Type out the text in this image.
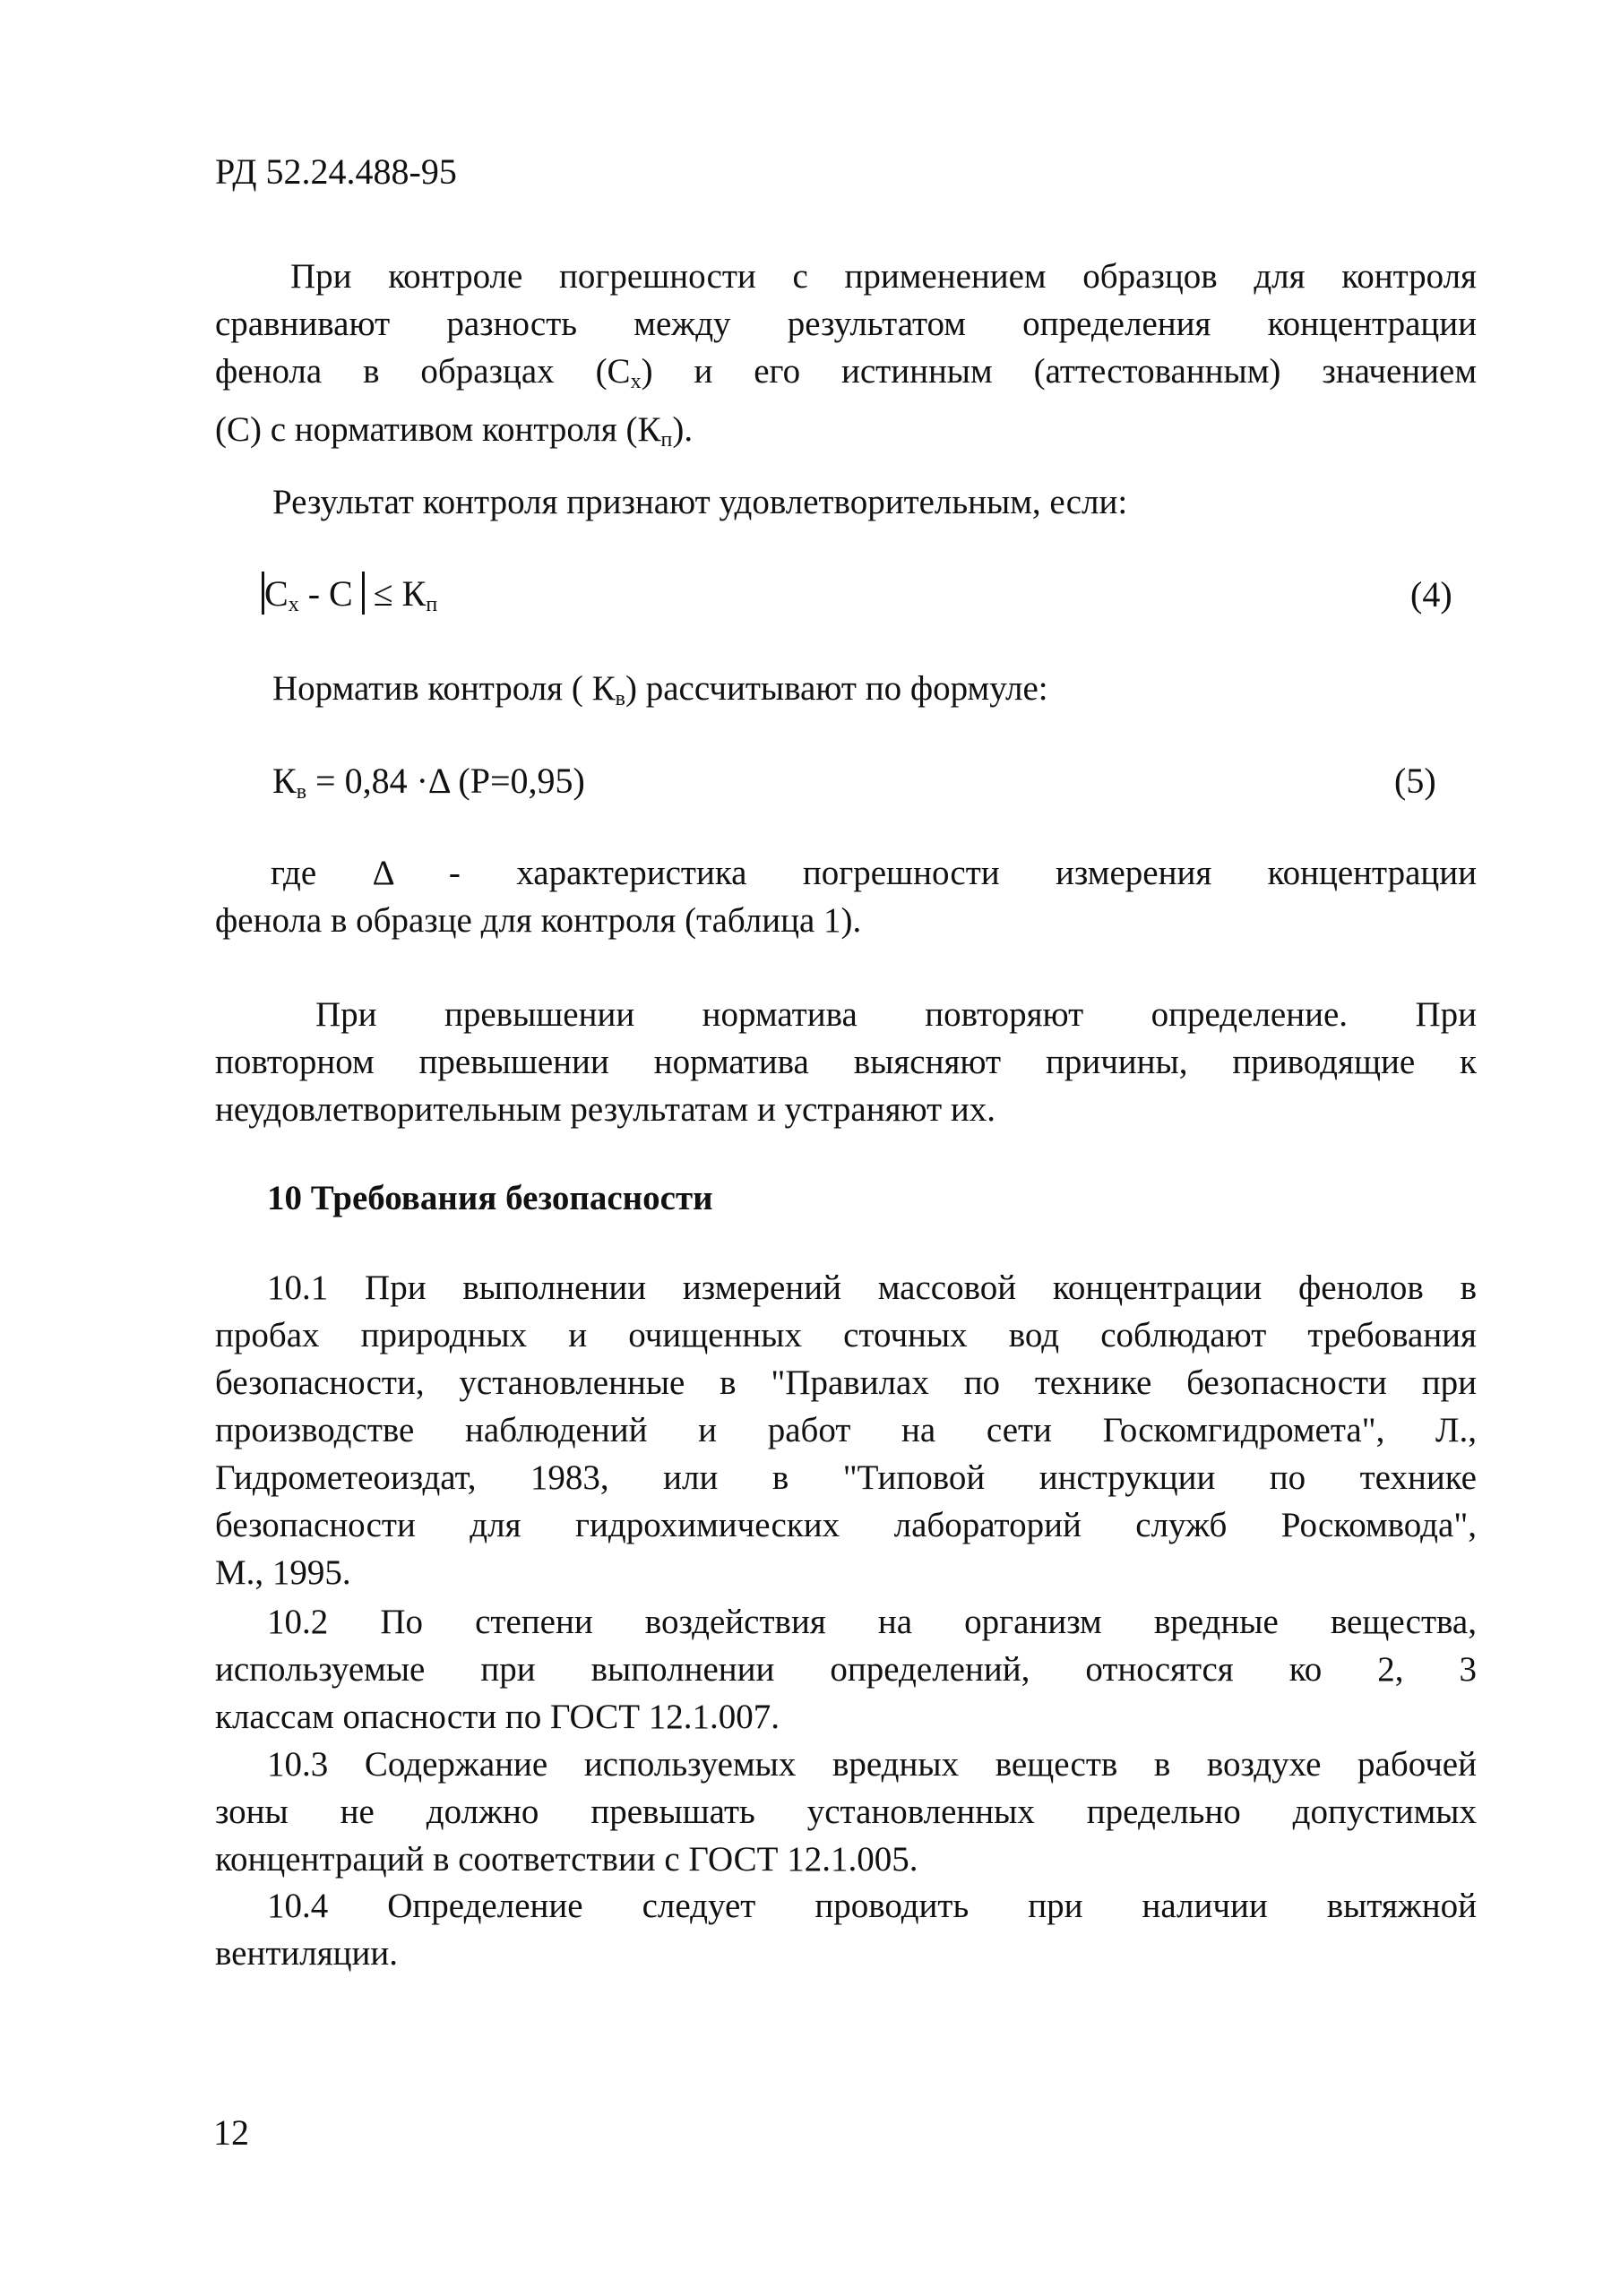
РД 52.24.488-95
При контроле погрешности с применением образцов для контроля
сравнивают разность между результатом определения концентрации
фенола в образцах $(С_х)$ и его истинным (аттестованным) значением
(С) с нормативом контроля $(К_п)$.
Результат контроля признают удовлетворительным, если:
$С_х - С \le К_п$	(4)
Норматив контроля ( $К_в$) рассчитывают по формуле:
$К_в = 0,84 \cdot\Delta$ (Р=0,95)	(5)
где Δ - характеристика погрешности измерения концентрации
фенола в образце для контроля (таблица 1).
При превышении норматива повторяют определение. При
повторном превышении норматива выясняют причины, приводящие к
неудовлетворительным результатам и устраняют их.
10 Требования безопасности
10.1 При выполнении измерений массовой концентрации фенолов в
пробах природных и очищенных сточных вод соблюдают требования
безопасности, установленные в "Правилах по технике безопасности при
производстве наблюдений и работ на сети Госкомгидромета", Л.,
Гидрометеоиздат, 1983, или в "Типовой инструкции по технике
безопасности для гидрохимических лабораторий служб Роскомвода",
М., 1995.
10.2 По степени воздействия на организм вредные вещества,
используемые при выполнении определений, относятся ко 2, 3
классам опасности по ГОСТ 12.1.007.
10.3 Содержание используемых вредных веществ в воздухе рабочей
зоны не должно превышать установленных предельно допустимых
концентраций в соответствии с ГОСТ 12.1.005.
10.4 Определение следует проводить при наличии вытяжной
вентиляции.
12
